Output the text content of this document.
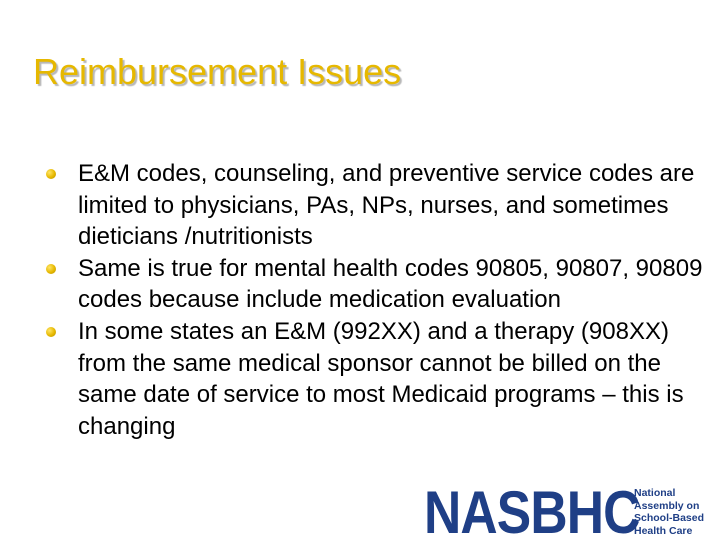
Reimbursement Issues
E&M codes, counseling, and preventive service codes are limited to physicians, PAs, NPs, nurses, and sometimes dieticians /nutritionists
Same is true for mental health codes 90805, 90807, 90809 codes because include medication evaluation
In some states an E&M (992XX) and a therapy (908XX) from the same medical sponsor cannot be billed on the same date of service to most Medicaid programs – this is changing
NASBHC
National
Assembly on
School-Based
Health Care
